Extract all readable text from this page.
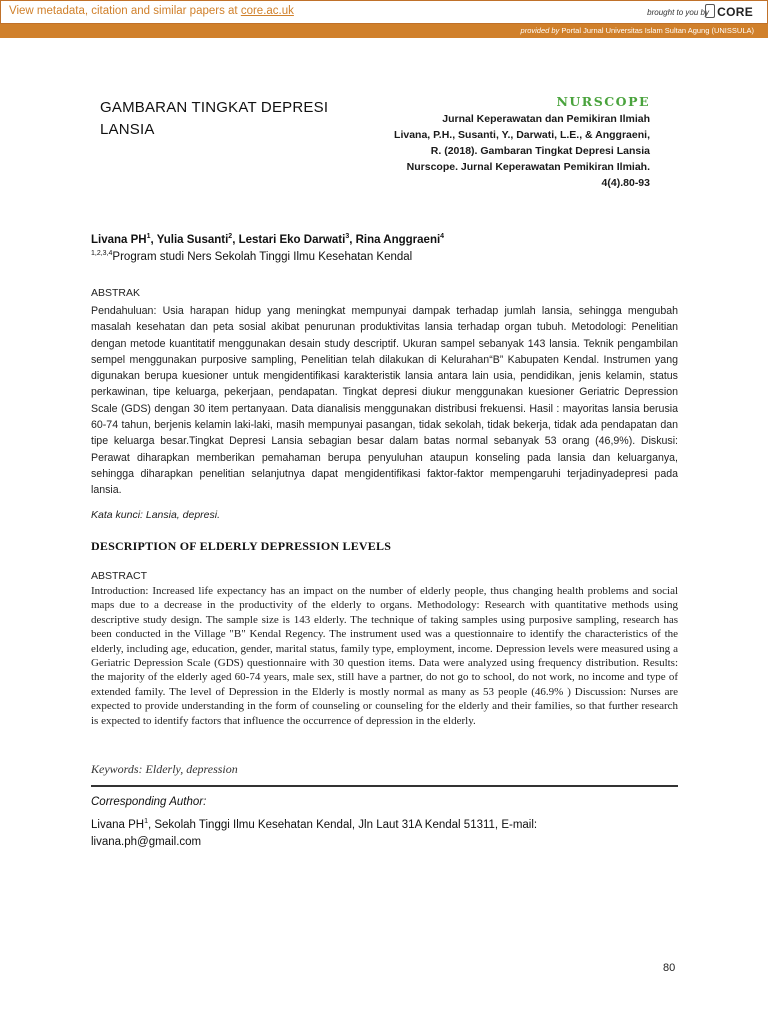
View metadata, citation and similar papers at core.ac.uk	brought to you by CORE
provided by Portal Jurnal Universitas Islam Sultan Agung (UNISSULA)
GAMBARAN TINGKAT DEPRESI
LANSIA
NURSCOPE

Jurnal Keperawatan dan Pemikiran Ilmiah

Livana, P.H., Susanti, Y., Darwati, L.E., & Anggraeni,

R. (2018). Gambaran Tingkat Depresi Lansia

Nurscope. Jurnal Keperawatan Pemikiran Ilmiah.

4(4).80-93

Livana $PH^1$, Yulia Susanti$^2$, Lestari Eko Darwati$^3$, Rina Anggraeni$^4$
$^{1,2,3,4}$Program studi Ners Sekolah Tinggi Ilmu Kesehatan Kendal
ABSTRAK

Pendahuluan: Usia harapan hidup yang meningkat mempunyai dampak terhadap jumlah lansia, sehingga mengubah masalah kesehatan dan peta sosial akibat penurunan produktivitas lansia terhadap organ tubuh. Metodologi: Penelitian dengan metode kuantitatif menggunakan desain study descriptif. Ukuran sampel sebanyak 143 lansia. Teknik pengambilan sempel menggunakan purposive sampling, Penelitian telah dilakukan di Kelurahan“B” Kabupaten Kendal. Instrumen yang digunakan berupa kuesioner untuk mengidentifikasi karakteristik lansia antara lain usia, pendidikan, jenis kelamin, status perkawinan, tipe keluarga, pekerjaan, pendapatan. Tingkat depresi diukur menggunakan kuesioner Geriatric Depression Scale (GDS) dengan 30 item pertanyaan. Data dianalisis menggunakan distribusi frekuensi. Hasil : mayoritas lansia berusia 60-74 tahun, berjenis kelamin laki-laki, masih mempunyai pasangan, tidak sekolah, tidak bekerja, tidak ada pendapatan dan tipe keluarga besar.Tingkat Depresi Lansia sebagian besar dalam batas normal sebanyak 53 orang (46,9%). Diskusi: Perawat diharapkan memberikan pemahaman berupa penyuluhan ataupun konseling pada lansia dan keluarganya, sehingga diharapkan penelitian selanjutnya dapat mengidentifikasi faktor-faktor mempengaruhi terjadinyadepresi pada lansia.

Kata kunci: Lansia, depresi.
DESCRIPTION OF ELDERLY DEPRESSION LEVELS
ABSTRACT

Introduction: Increased life expectancy has an impact on the number of elderly people, thus changing health problems and social maps due to a decrease in the productivity of the elderly to organs. Methodology: Research with quantitative methods using descriptive study design. The sample size is 143 elderly. The technique of taking samples using purposive sampling, research has been conducted in the Village "B" Kendal Regency. The instrument used was a questionnaire to identify the characteristics of the elderly, including age, education, gender, marital status, family type, employment, income. Depression levels were measured using a Geriatric Depression Scale (GDS) questionnaire with 30 question items. Data were analyzed using frequency distribution. Results: the majority of the elderly aged 60-74 years, male sex, still have a partner, do not go to school, do not work, no income and type of extended family. The level of Depression in the Elderly is mostly normal as many as 53 people (46.9% ) Discussion: Nurses are expected to provide understanding in the form of counseling or counseling for the elderly and their families, so that further research is expected to identify factors that influence the occurrence of depression in the elderly.

Keywords: Elderly, depression
Corresponding Author:

Livana $PH^1$, Sekolah Tinggi Ilmu Kesehatan Kendal, Jln Laut 31A Kendal 51311, E-mail:
livana.ph@gmail.com

80
